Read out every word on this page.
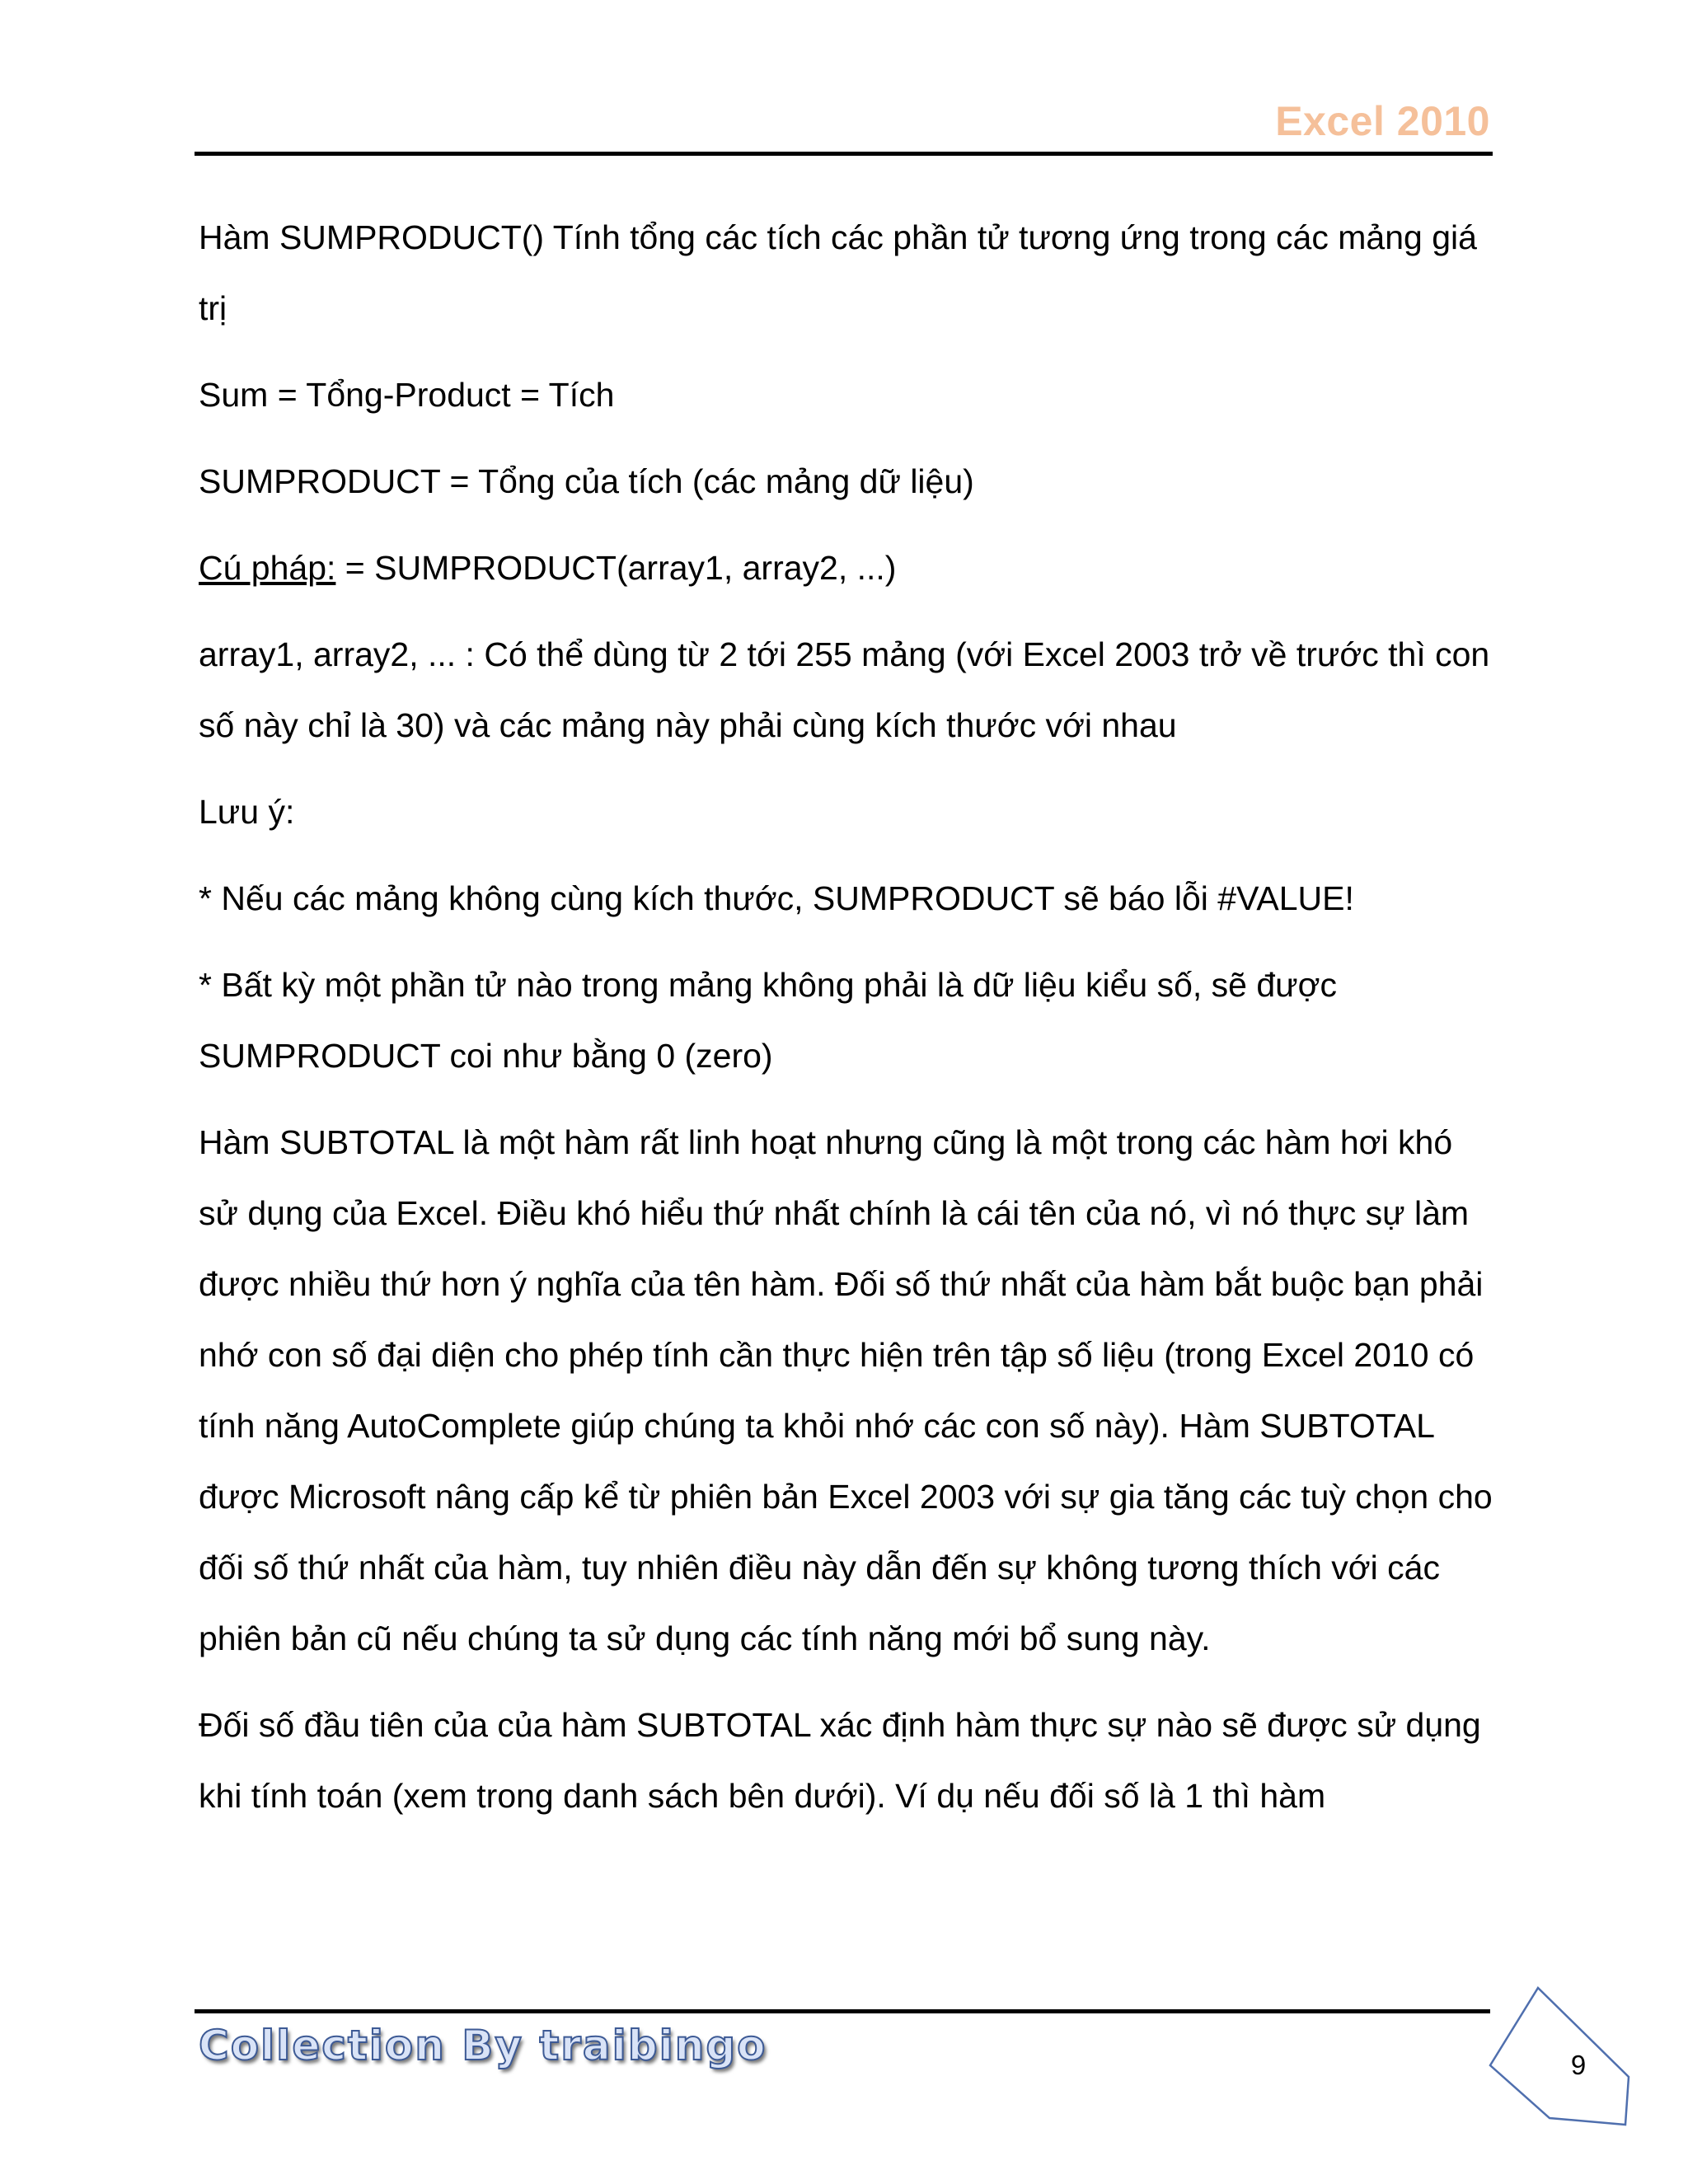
Excel 2010

Hàm SUMPRODUCT() Tính tổng các tích các phần tử tương ứng trong các mảng giá trị

Sum = Tổng-Product = Tích

SUMPRODUCT = Tổng của tích (các mảng dữ liệu)

Cú pháp: = SUMPRODUCT(array1, array2, ...)

array1, array2, ... : Có thể dùng từ 2 tới 255 mảng (với Excel 2003 trở về trước thì con số này chỉ là 30) và các mảng này phải cùng kích thước với nhau

Lưu ý:

* Nếu các mảng không cùng kích thước, SUMPRODUCT sẽ báo lỗi #VALUE!

* Bất kỳ một phần tử nào trong mảng không phải là dữ liệu kiểu số, sẽ được SUMPRODUCT coi như bằng 0 (zero)

Hàm SUBTOTAL là một hàm rất linh hoạt nhưng cũng là một trong các hàm hơi khó sử dụng của Excel. Điều khó hiểu thứ nhất chính là cái tên của nó, vì nó thực sự làm được nhiều thứ hơn ý nghĩa của tên hàm. Đối số thứ nhất của hàm bắt buộc bạn phải nhớ con số đại diện cho phép tính cần thực hiện trên tập số liệu (trong Excel 2010 có tính năng AutoComplete giúp chúng ta khỏi nhớ các con số này). Hàm SUBTOTAL được Microsoft nâng cấp kể từ phiên bản Excel 2003 với sự gia tăng các tuỳ chọn cho đối số thứ nhất của hàm, tuy nhiên điều này dẫn đến sự không tương thích với các phiên bản cũ nếu chúng ta sử dụng các tính năng mới bổ sung này.

Đối số đầu tiên của của hàm SUBTOTAL xác định hàm thực sự nào sẽ được sử dụng khi tính toán (xem trong danh sách bên dưới). Ví dụ nếu đối số là 1 thì hàm

Collection By traibingo	9
